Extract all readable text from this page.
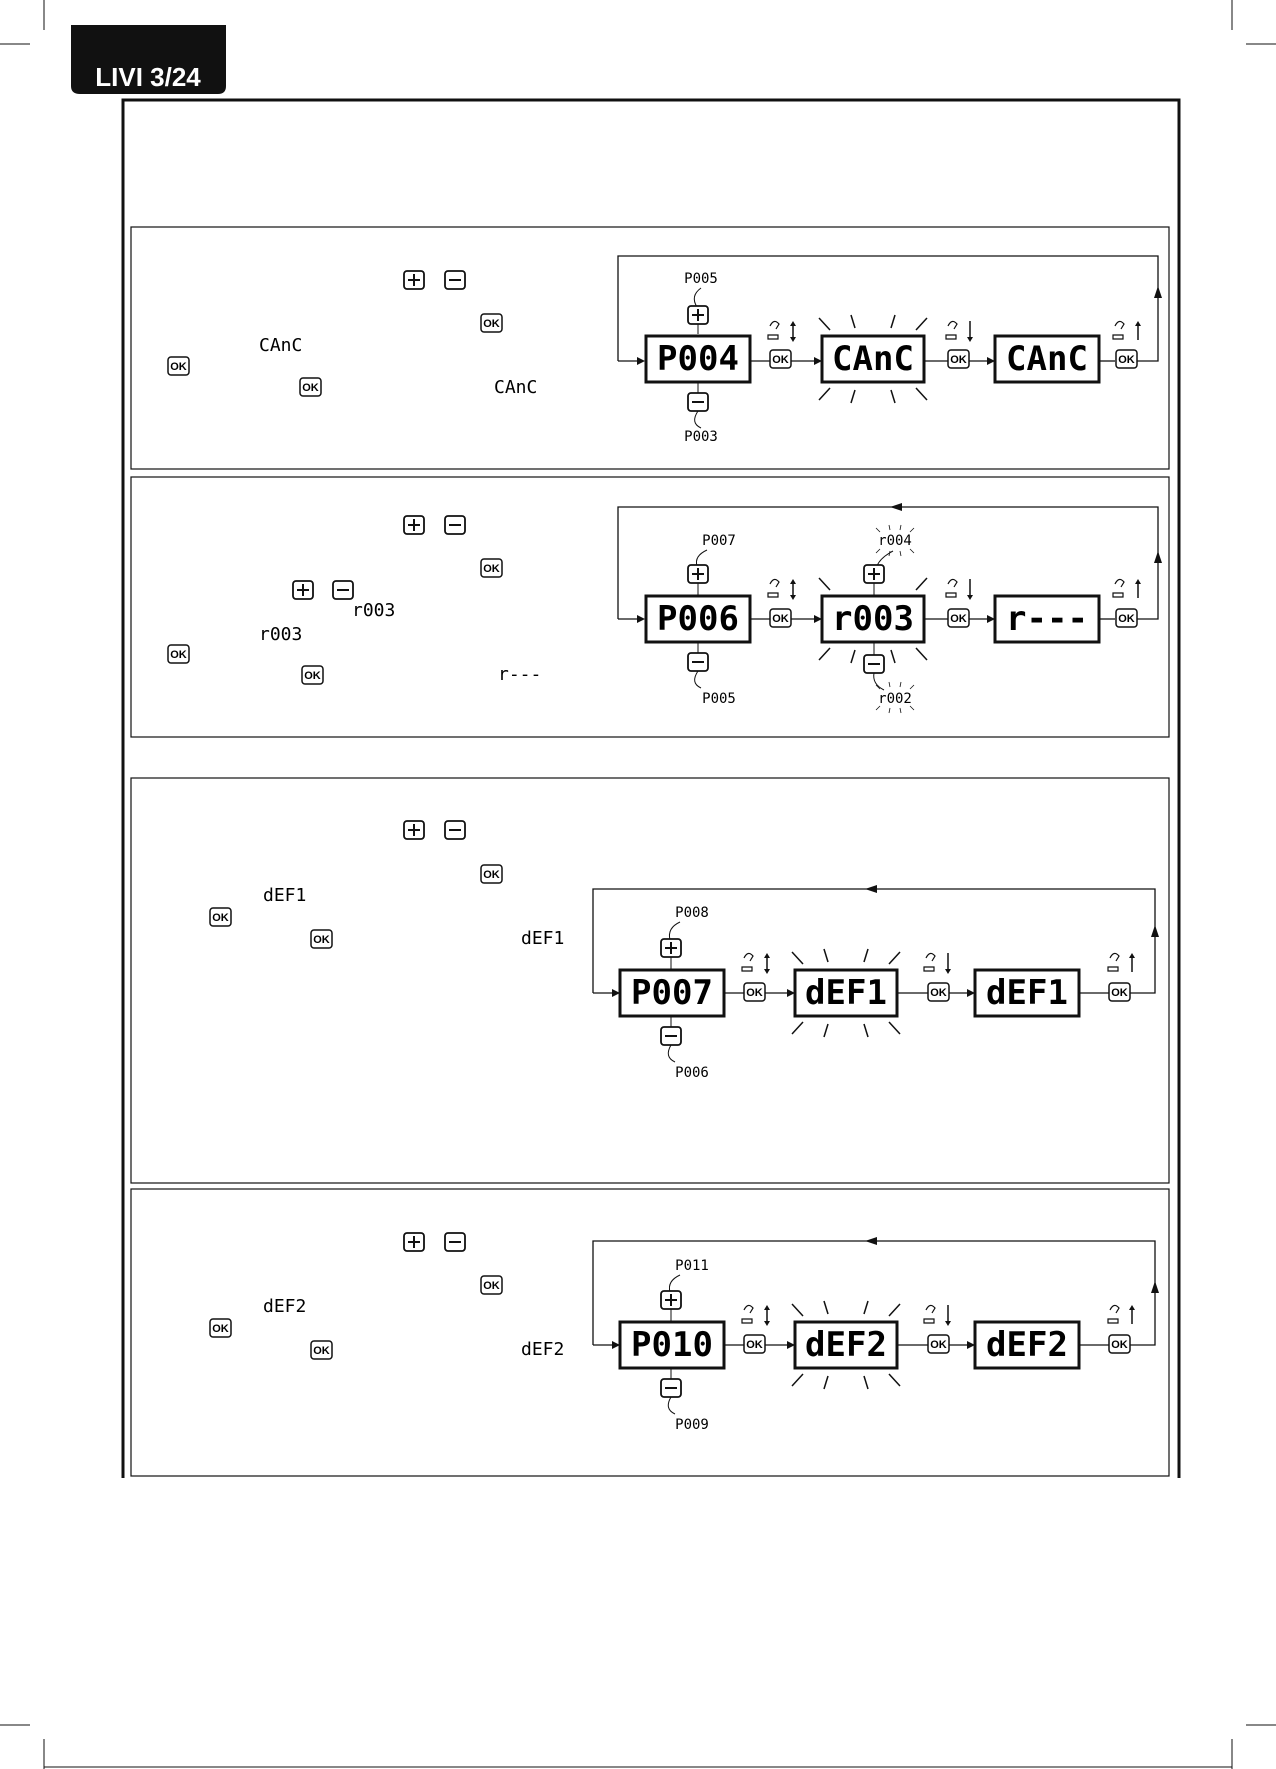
LIVI 3/24
OK
CAnC
OK
OK	CAnC
P005
P003
P004	OK CAnC	OK CAnC	OK
OK
r003
r003
OK
OK	r---
P007
P005
P006	OK
r004
r002
r003	OK r---	OK
OK
dEF1
OK
OK	dEF1
P008
P006
P007	OK dEF1	OK dEF1	OK
OK
dEF2
OK
OK	dEF2
P011
P009
P010	OK dEF2	OK dEF2	OK
